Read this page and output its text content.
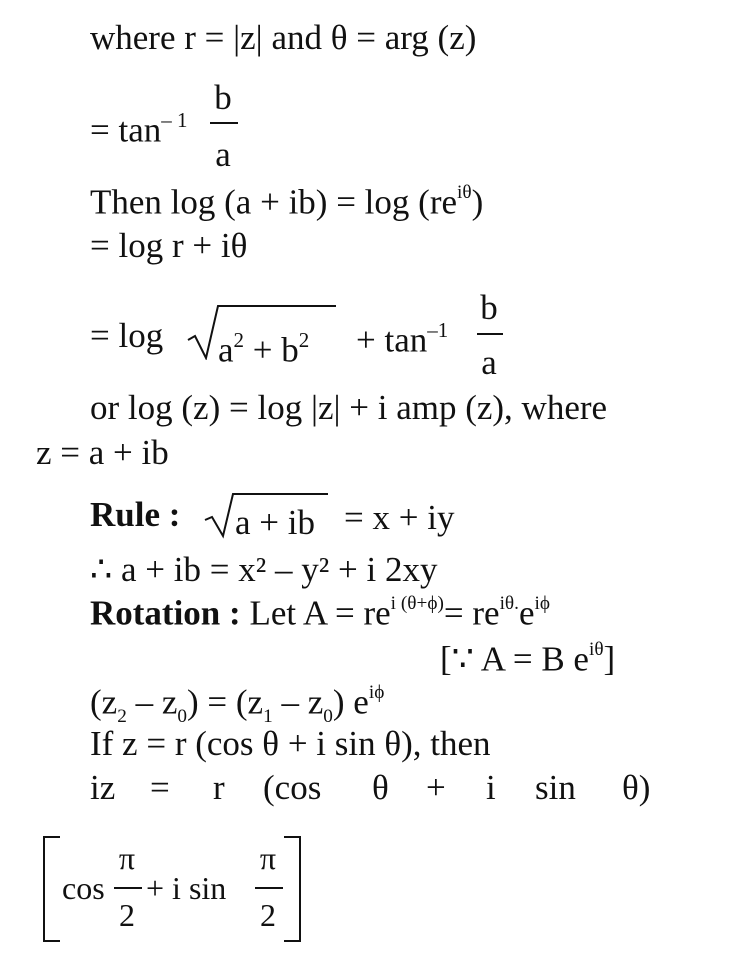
where r = |z| and θ = arg (z)
= $\tan^{- 1}$
b
a
Then $\log (a + ib) = \log (re^{i\theta})$
= log r + iθ
= $\log a^2 + b^2 + \tan^{-1}$
b
a
or log (z) = log |z| + i amp (z), where
z = a + ib
Rule : a + ib = x + iy
∴ a + ib = x² – y² + i 2xy
Rotation : Let $A = re^{i (\theta+\phi)}= re^{i\theta.}e^{i\phi}$
[∵ A = B $e^{i\theta}$]
$(z_2 - z_0) = (z_1 - z_0)$ $e^{i\phi}$
If z = r (cos θ + i sin θ), then
iz = r (cos θ + i sin θ)
cos
π
2
+ i sin
π
2
